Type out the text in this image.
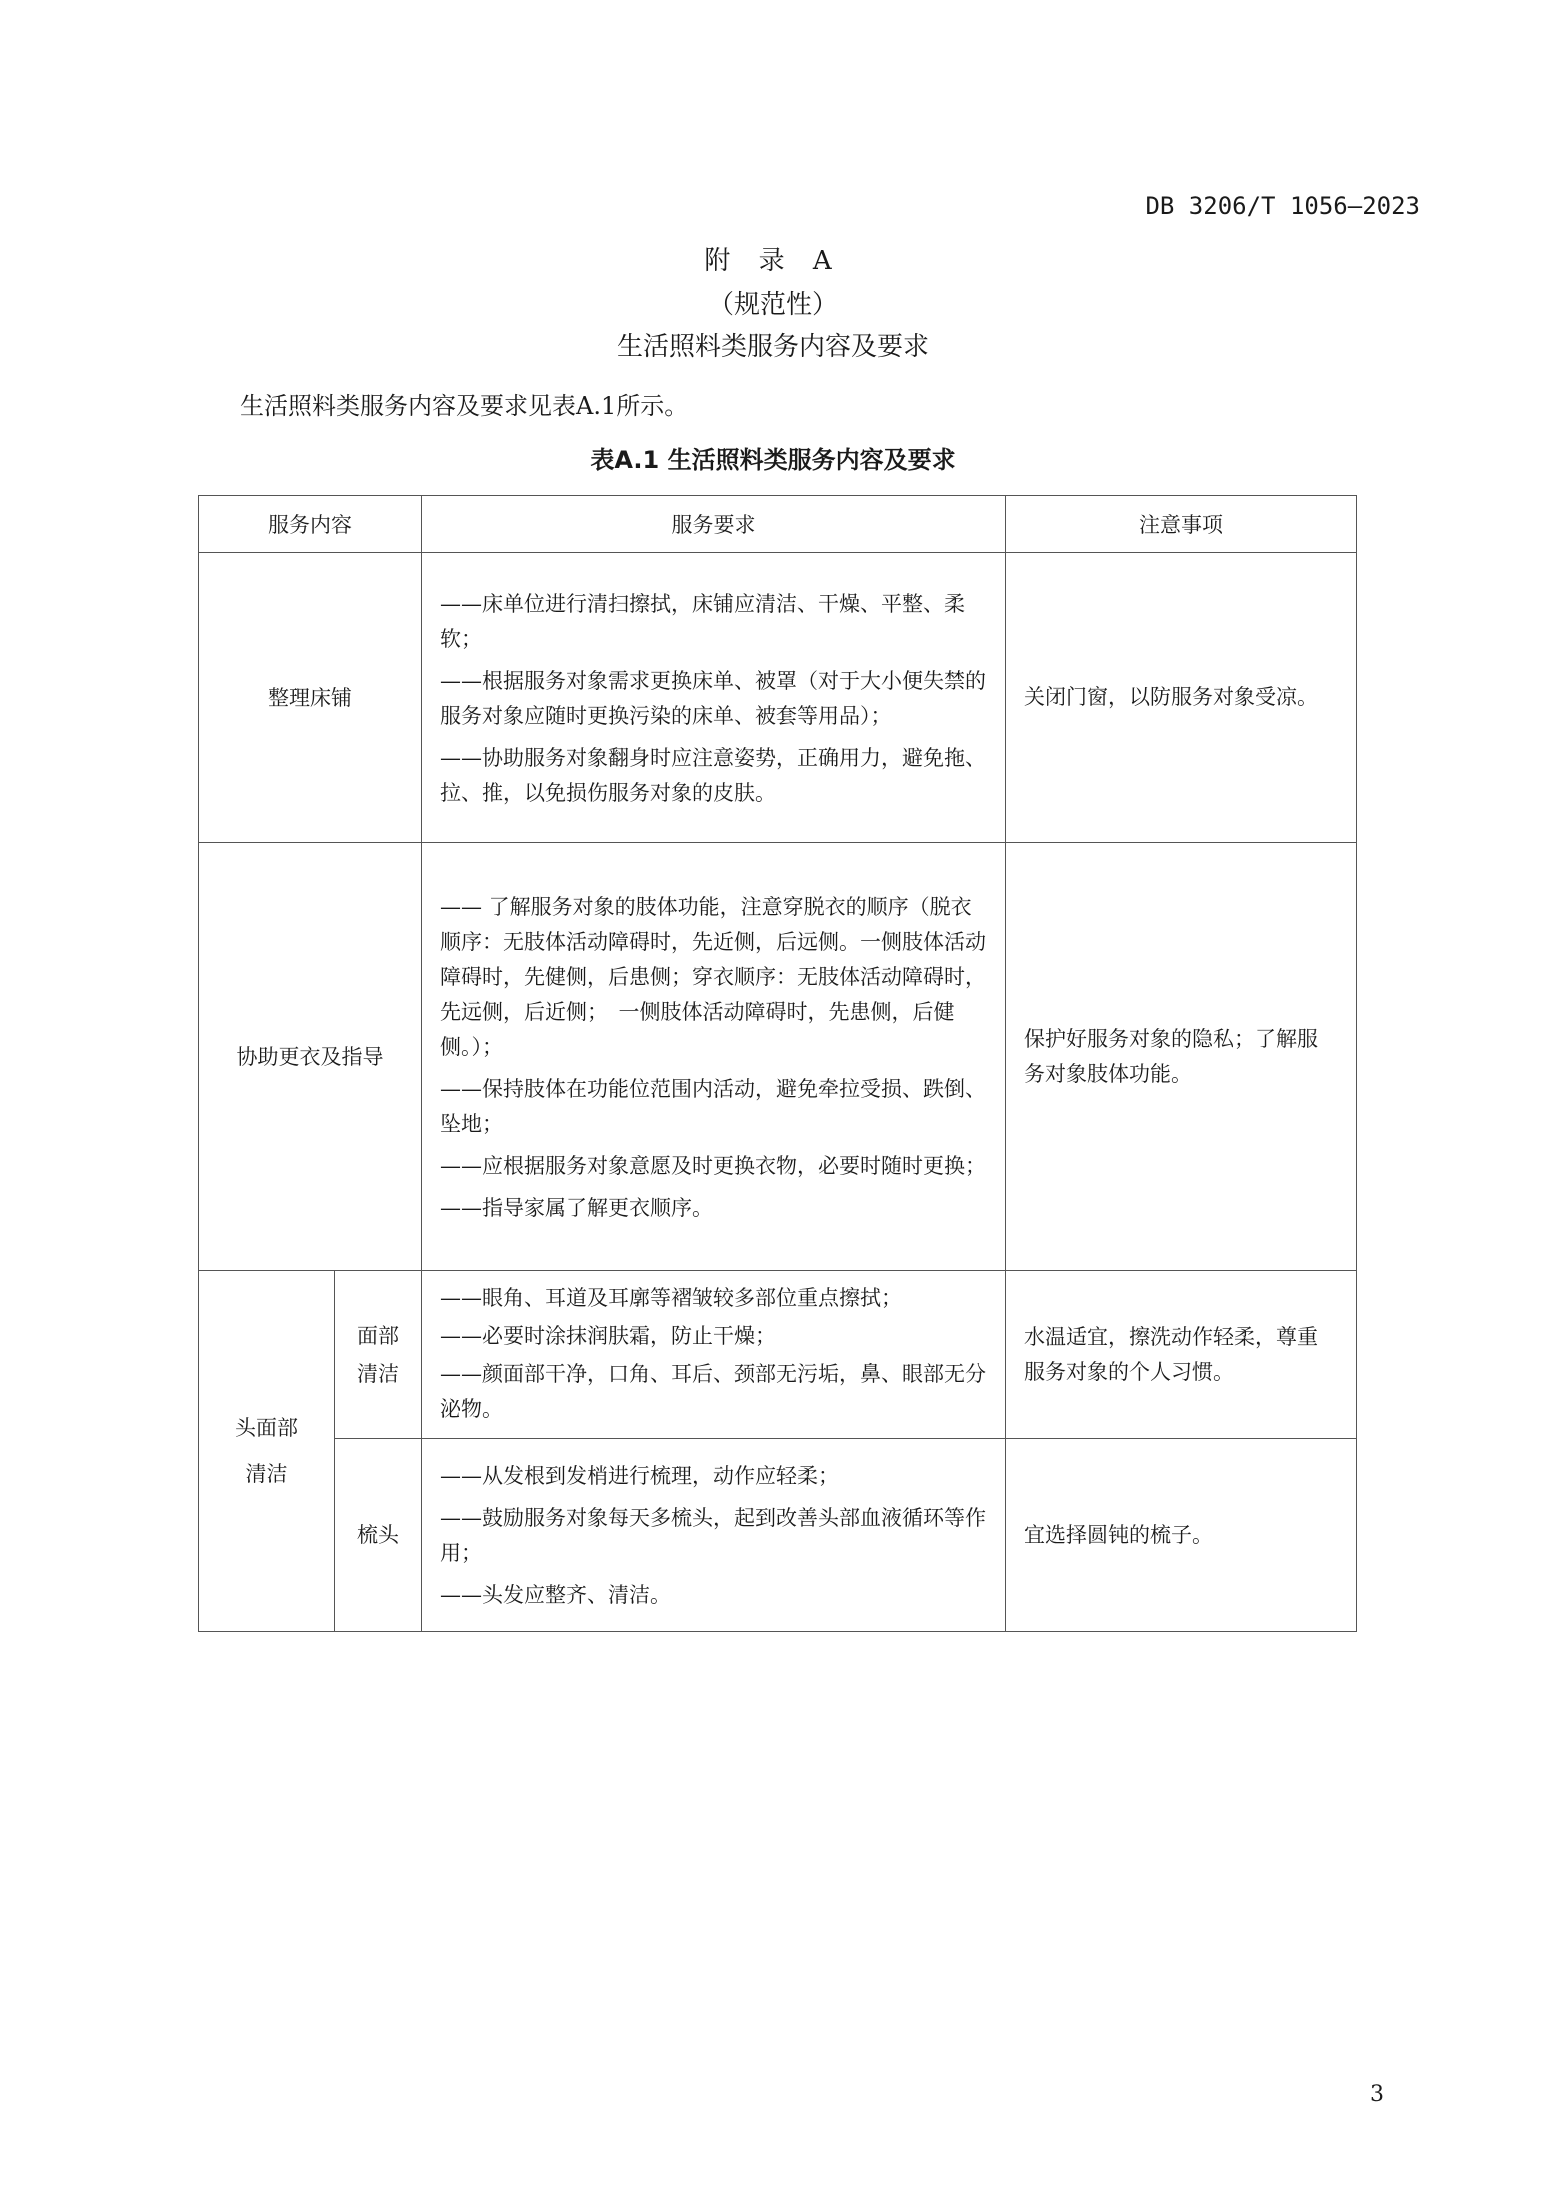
DB 3206/T 1056—2023
附 录 A
（规范性）
生活照料类服务内容及要求
生活照料类服务内容及要求见表A.1所示。
表A.1 生活照料类服务内容及要求
服务内容		服务要求	注意事项
整理床铺		——床单位进行清扫擦拭，床铺应清洁、干燥、平整、柔软；

——根据服务对象需求更换床单、被罩（对于大小便失禁的服务对象应随时更换污染的床单、被套等用品）；

——协助服务对象翻身时应注意姿势，正确用力，避免拖、拉、推，以免损伤服务对象的皮肤。	关闭门窗，以防服务对象受凉。
协助更衣及指导		—— 了解服务对象的肢体功能，注意穿脱衣的顺序（脱衣顺序：无肢体活动障碍时，先近侧，后远侧。一侧肢体活动障碍时，先健侧，后患侧；穿衣顺序：无肢体活动障碍时，先远侧，后近侧；　一侧肢体活动障碍时，先患侧，后健侧。）；

——保持肢体在功能位范围内活动，避免牵拉受损、跌倒、坠地；

——应根据服务对象意愿及时更换衣物，必要时随时更换；

——指导家属了解更衣顺序。	保护好服务对象的隐私；了解服务对象肢体功能。
头面部清洁	面部清洁	——眼角、耳道及耳廓等褶皱较多部位重点擦拭；

——必要时涂抹润肤霜，防止干燥；

——颜面部干净，口角、耳后、颈部无污垢，鼻、眼部无分泌物。	水温适宜，擦洗动作轻柔，尊重服务对象的个人习惯。
	梳头	——从发根到发梢进行梳理，动作应轻柔；

——鼓励服务对象每天多梳头，起到改善头部血液循环等作用；

——头发应整齐、清洁。	宜选择圆钝的梳子。
3
